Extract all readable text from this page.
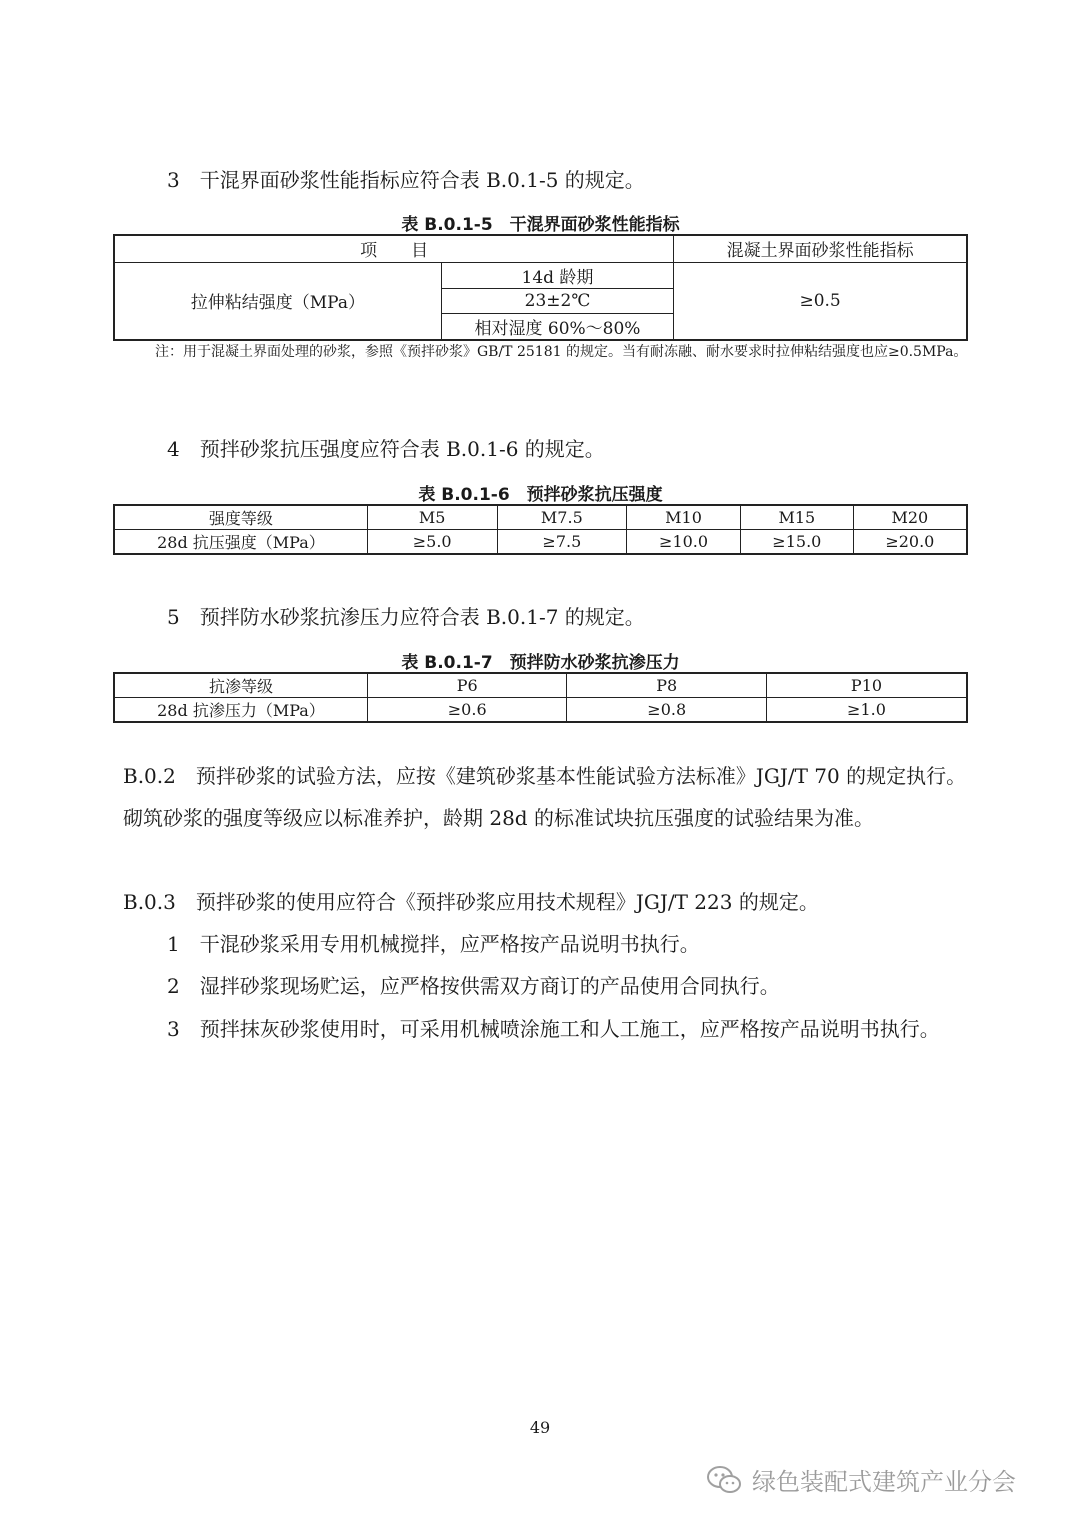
3　干混界面砂浆性能指标应符合表 B.0.1-5 的规定。
表 B.0.1-5　干混界面砂浆性能指标
项　　目		混凝土界面砂浆性能指标
拉伸粘结强度（MPa）	14d 龄期	≥0.5
	23±2℃	
	相对湿度 60%～80%	
注：用于混凝土界面处理的砂浆，参照《预拌砂浆》GB/T 25181 的规定。当有耐冻融、耐水要求时拉伸粘结强度也应≥0.5MPa。
4　预拌砂浆抗压强度应符合表 B.0.1-6 的规定。
表 B.0.1-6　预拌砂浆抗压强度
强度等级	M5	M7.5	M10	M15	M20
28d 抗压强度（MPa）	≥5.0	≥7.5	≥10.0	≥15.0	≥20.0
5　预拌防水砂浆抗渗压力应符合表 B.0.1-7 的规定。
表 B.0.1-7　预拌防水砂浆抗渗压力
抗渗等级	P6	P8	P10
28d 抗渗压力（MPa）	≥0.6	≥0.8	≥1.0
B.0.2　预拌砂浆的试验方法，应按《建筑砂浆基本性能试验方法标准》JGJ/T 70 的规定执行。砌筑砂浆的强度等级应以标准养护，龄期 28d 的标准试块抗压强度的试验结果为准。
B.0.3　预拌砂浆的使用应符合《预拌砂浆应用技术规程》JGJ/T 223 的规定。
1　干混砂浆采用专用机械搅拌，应严格按产品说明书执行。
2　湿拌砂浆现场贮运，应严格按供需双方商订的产品使用合同执行。
3　预拌抹灰砂浆使用时，可采用机械喷涂施工和人工施工，应严格按产品说明书执行。
49
绿色装配式建筑产业分会
